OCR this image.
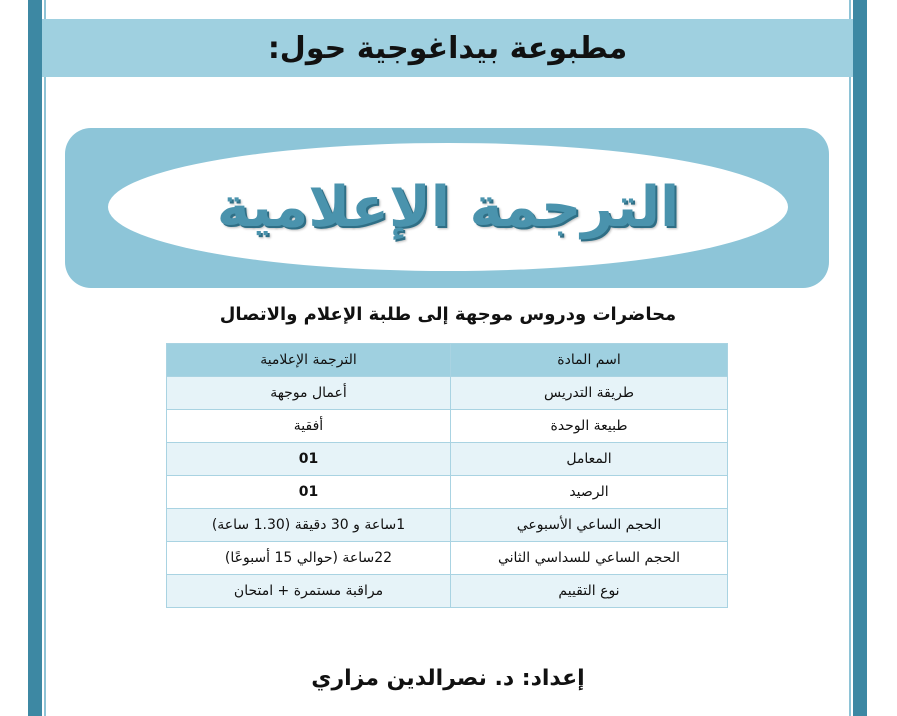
مطبوعة بيداغوجية حول:
الترجمة الإعلامية
محاضرات ودروس موجهة إلى طلبة الإعلام والاتصال
اسم المادة	الترجمة الإعلامية
طريقة التدريس	أعمال موجهة
طبيعة الوحدة	أفقية
المعامل	01
الرصيد	01
الحجم الساعي الأسبوعي	1ساعة و 30 دقيقة (1.30 ساعة)
الحجم الساعي للسداسي الثاني	22ساعة (حوالي 15 أسبوعًا)
نوع التقييم	مراقبة مستمرة + امتحان
إعداد: د. نصرالدين مزاري
